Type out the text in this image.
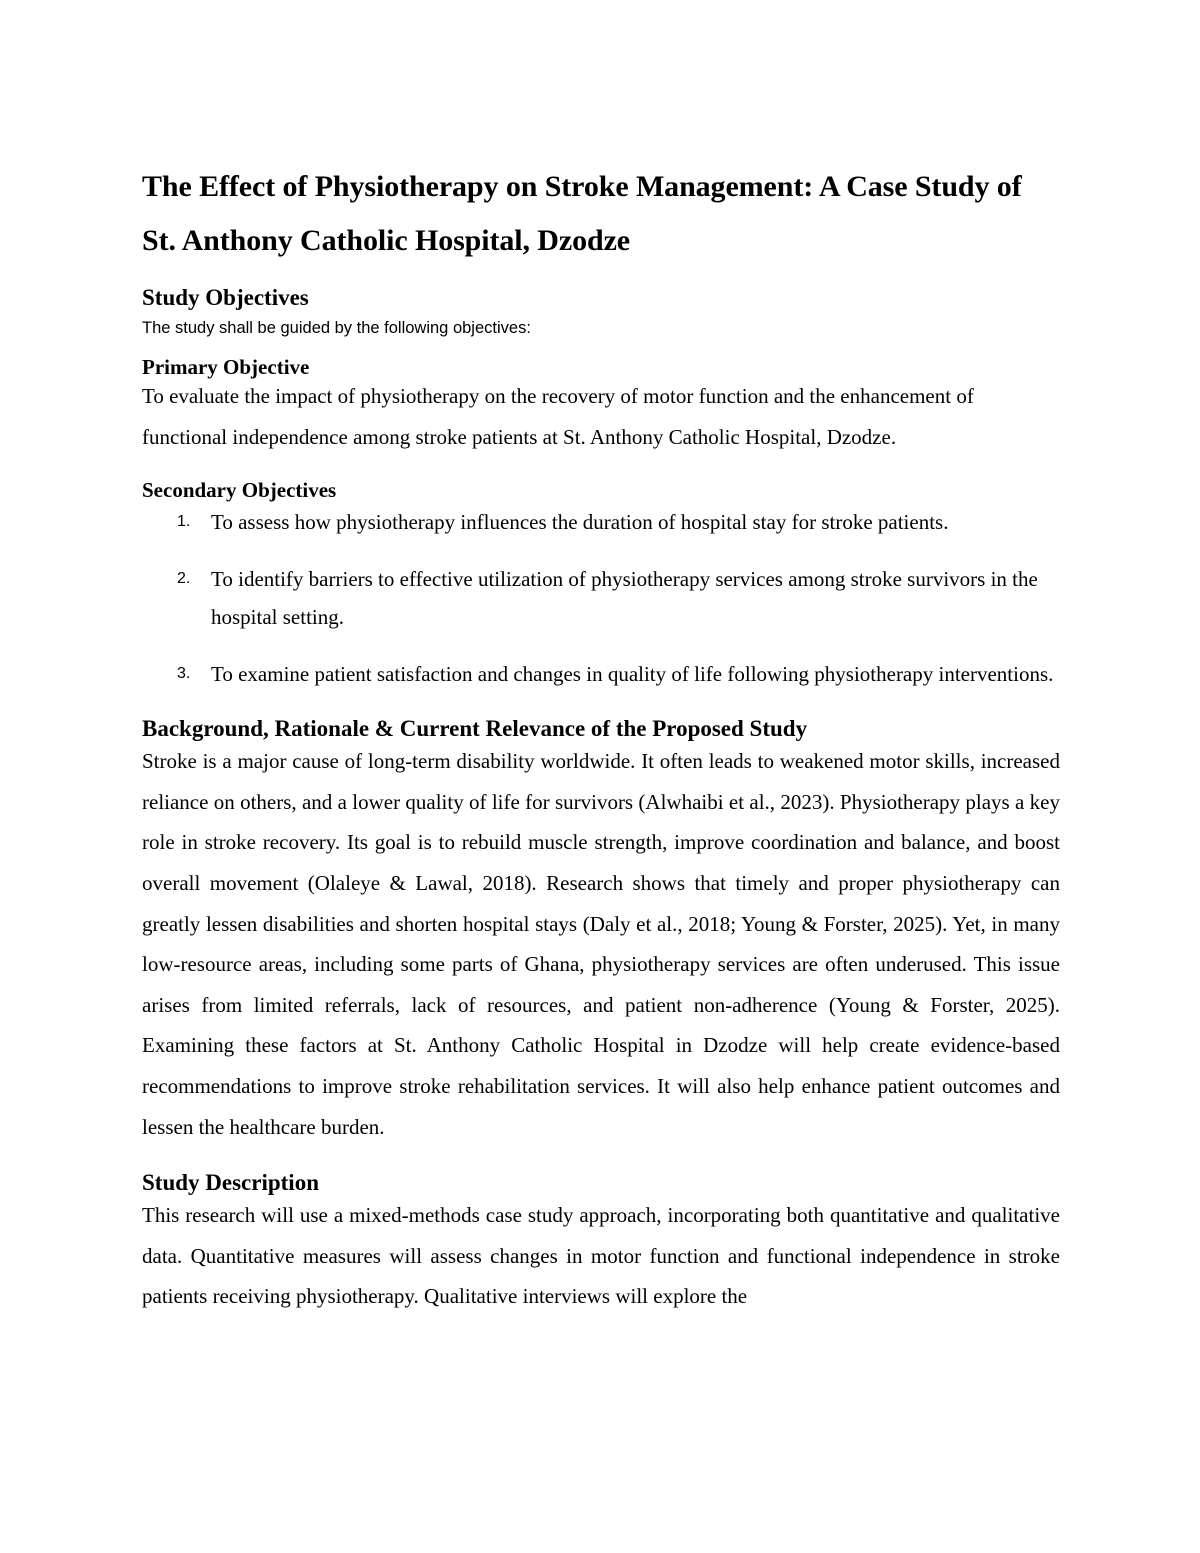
The Effect of Physiotherapy on Stroke Management: A Case Study of St. Anthony Catholic Hospital, Dzodze
Study Objectives

The study shall be guided by the following objectives:

Primary Objective

To evaluate the impact of physiotherapy on the recovery of motor function and the enhancement of functional independence among stroke patients at St. Anthony Catholic Hospital, Dzodze.

Secondary Objectives
1. To assess how physiotherapy influences the duration of hospital stay for stroke patients.
2. To identify barriers to effective utilization of physiotherapy services among stroke survivors in the hospital setting.
3. To examine patient satisfaction and changes in quality of life following physiotherapy interventions.
Background, Rationale & Current Relevance of the Proposed Study

Stroke is a major cause of long-term disability worldwide. It often leads to weakened motor skills, increased reliance on others, and a lower quality of life for survivors (Alwhaibi et al., 2023). Physiotherapy plays a key role in stroke recovery. Its goal is to rebuild muscle strength, improve coordination and balance, and boost overall movement (Olaleye & Lawal, 2018). Research shows that timely and proper physiotherapy can greatly lessen disabilities and shorten hospital stays (Daly et al., 2018; Young & Forster, 2025). Yet, in many low-resource areas, including some parts of Ghana, physiotherapy services are often underused. This issue arises from limited referrals, lack of resources, and patient non-adherence (Young & Forster, 2025). Examining these factors at St. Anthony Catholic Hospital in Dzodze will help create evidence-based recommendations to improve stroke rehabilitation services. It will also help enhance patient outcomes and lessen the healthcare burden.

Study Description

This research will use a mixed-methods case study approach, incorporating both quantitative and qualitative data. Quantitative measures will assess changes in motor function and functional independence in stroke patients receiving physiotherapy. Qualitative interviews will explore the
